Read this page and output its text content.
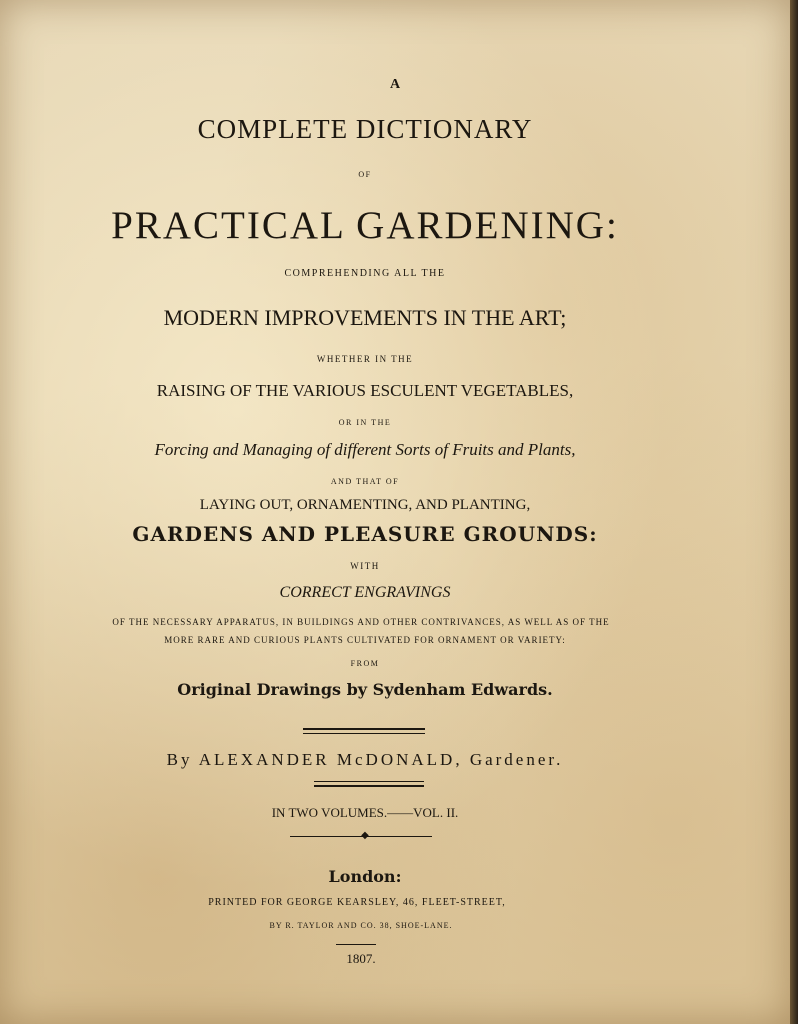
A
COMPLETE DICTIONARY
OF
PRACTICAL GARDENING:
COMPREHENDING ALL THE
MODERN IMPROVEMENTS IN THE ART;
WHETHER IN THE
RAISING OF THE VARIOUS ESCULENT VEGETABLES,
OR IN THE
Forcing and Managing of different Sorts of Fruits and Plants,
AND THAT OF
LAYING OUT, ORNAMENTING, AND PLANTING,
GARDENS AND PLEASURE GROUNDS:
WITH
CORRECT ENGRAVINGS
OF THE NECESSARY APPARATUS, IN BUILDINGS AND OTHER CONTRIVANCES, AS WELL AS OF THE
MORE RARE AND CURIOUS PLANTS CULTIVATED FOR ORNAMENT OR VARIETY:
FROM
Original Drawings by Sydenham Edwards.
By ALEXANDER McDONALD, Gardener.
IN TWO VOLUMES.——VOL. II.
◆
London:
PRINTED FOR GEORGE KEARSLEY, 46, FLEET-STREET,
BY R. TAYLOR AND CO. 38, SHOE-LANE.
1807.
